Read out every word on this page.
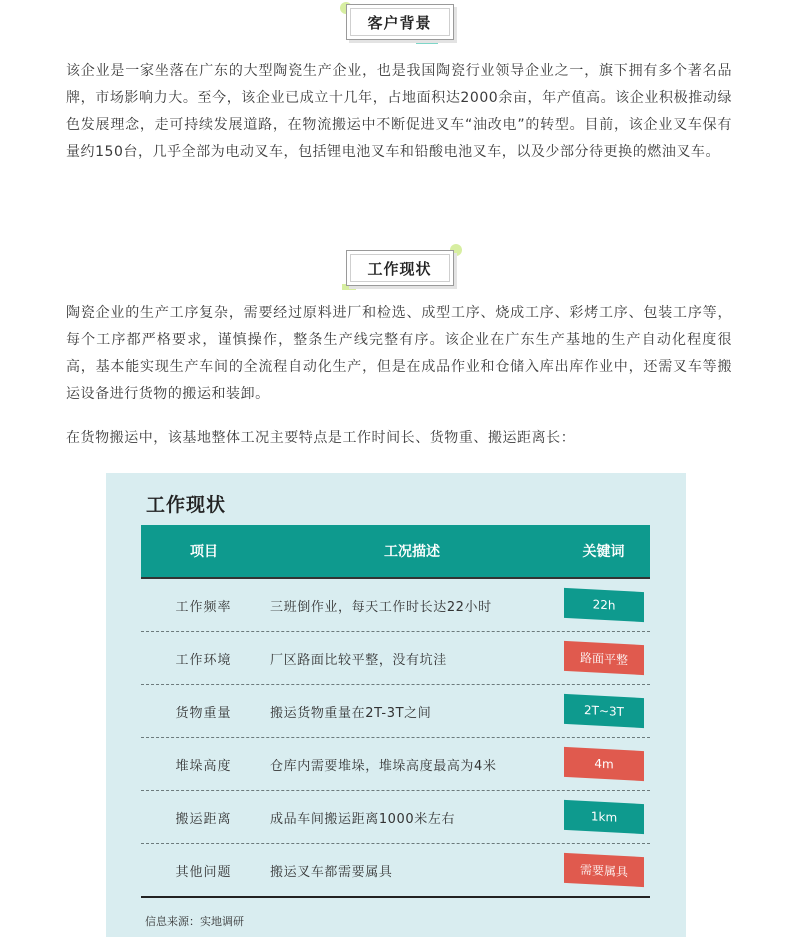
客户背景
该企业是一家坐落在广东的大型陶瓷生产企业，也是我国陶瓷行业领导企业之一，旗下拥有多个著名品牌，市场影响力大。至今，该企业已成立十几年，占地面积达2000余亩，年产值高。该企业积极推动绿色发展理念，走可持续发展道路，在物流搬运中不断促进叉车“油改电”的转型。目前，该企业叉车保有量约150台，几乎全部为电动叉车，包括锂电池叉车和铅酸电池叉车，以及少部分待更换的燃油叉车。
工作现状
陶瓷企业的生产工序复杂，需要经过原料进厂和检选、成型工序、烧成工序、彩烤工序、包装工序等，每个工序都严格要求，谨慎操作，整条生产线完整有序。该企业在广东生产基地的生产自动化程度很高，基本能实现生产车间的全流程自动化生产，但是在成品作业和仓储入库出库作业中，还需叉车等搬运设备进行货物的搬运和装卸。
在货物搬运中，该基地整体工况主要特点是工作时间长、货物重、搬运距离长：
工作现状
项目	工况描述	关键词
工作频率	三班倒作业，每天工作时长达22小时	22h
工作环境	厂区路面比较平整，没有坑洼	路面平整
货物重量	搬运货物重量在2T-3T之间	2T~3T
堆垛高度	仓库内需要堆垛，堆垛高度最高为4米	4m
搬运距离	成品车间搬运距离1000米左右	1km
其他问题	搬运叉车都需要属具	需要属具
信息来源：实地调研
